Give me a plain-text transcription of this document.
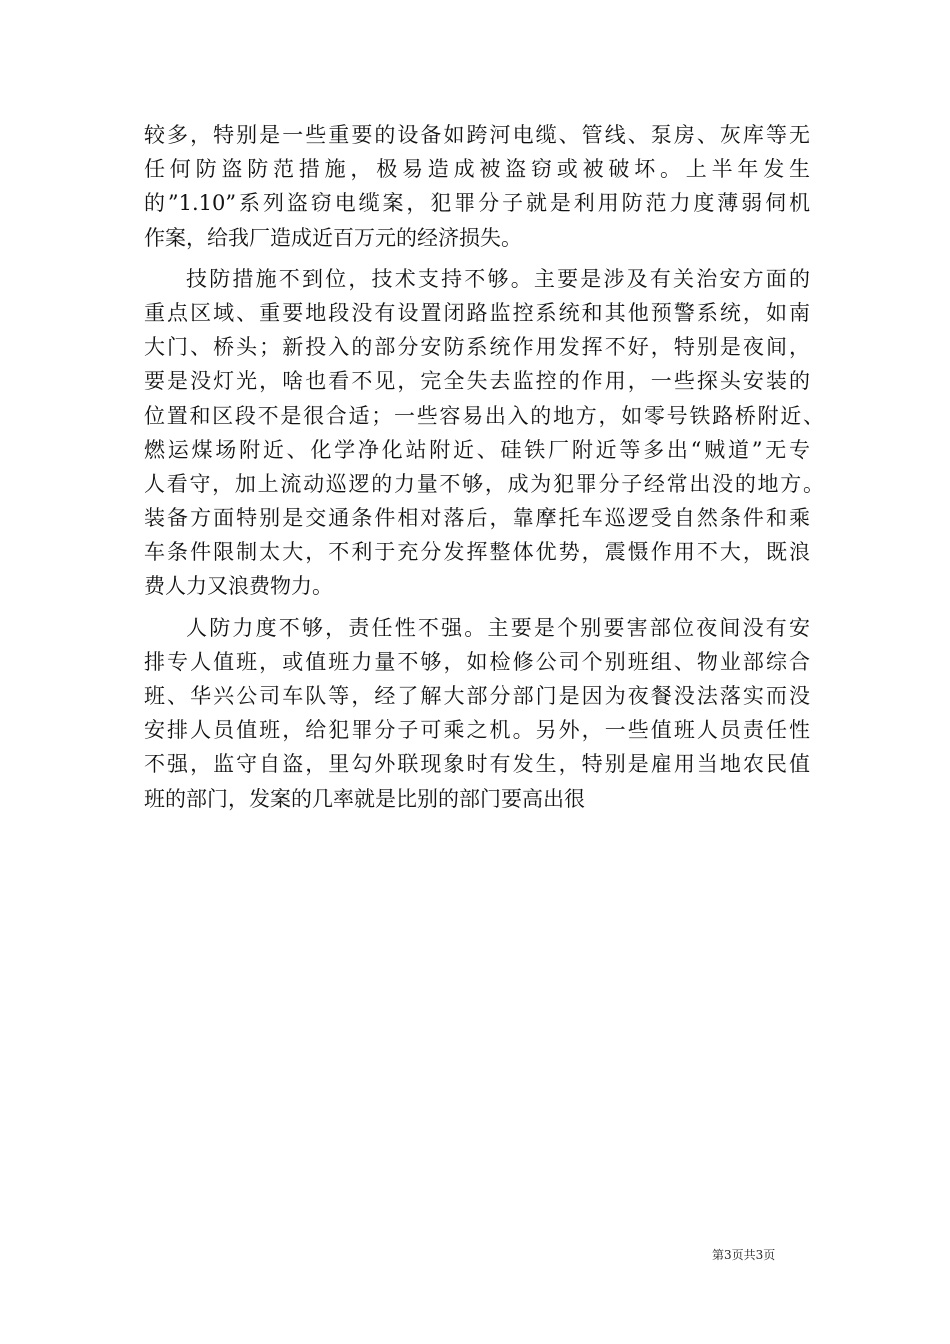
较多，特别是一些重要的设备如跨河电缆、管线、泵房、灰库等无
任何防盗防范措施，极易造成被盗窃或被破坏。上半年发生
的”1.10”系列盗窃电缆案，犯罪分子就是利用防范力度薄弱伺机
作案，给我厂造成近百万元的经济损失。
技防措施不到位，技术支持不够。主要是涉及有关治安方面的
重点区域、重要地段没有设置闭路监控系统和其他预警系统，如南
大门、桥头；新投入的部分安防系统作用发挥不好，特别是夜间，
要是没灯光，啥也看不见，完全失去监控的作用，一些探头安装的
位置和区段不是很合适；一些容易出入的地方，如零号铁路桥附近、
燃运煤场附近、化学净化站附近、硅铁厂附近等多出“贼道”无专
人看守，加上流动巡逻的力量不够，成为犯罪分子经常出没的地方。
装备方面特别是交通条件相对落后，靠摩托车巡逻受自然条件和乘
车条件限制太大，不利于充分发挥整体优势，震慑作用不大，既浪
费人力又浪费物力。
人防力度不够，责任性不强。主要是个别要害部位夜间没有安
排专人值班，或值班力量不够，如检修公司个别班组、物业部综合
班、华兴公司车队等，经了解大部分部门是因为夜餐没法落实而没
安排人员值班，给犯罪分子可乘之机。另外，一些值班人员责任性
不强，监守自盗，里勾外联现象时有发生，特别是雇用当地农民值
班的部门，发案的几率就是比别的部门要高出很
第3页共3页
